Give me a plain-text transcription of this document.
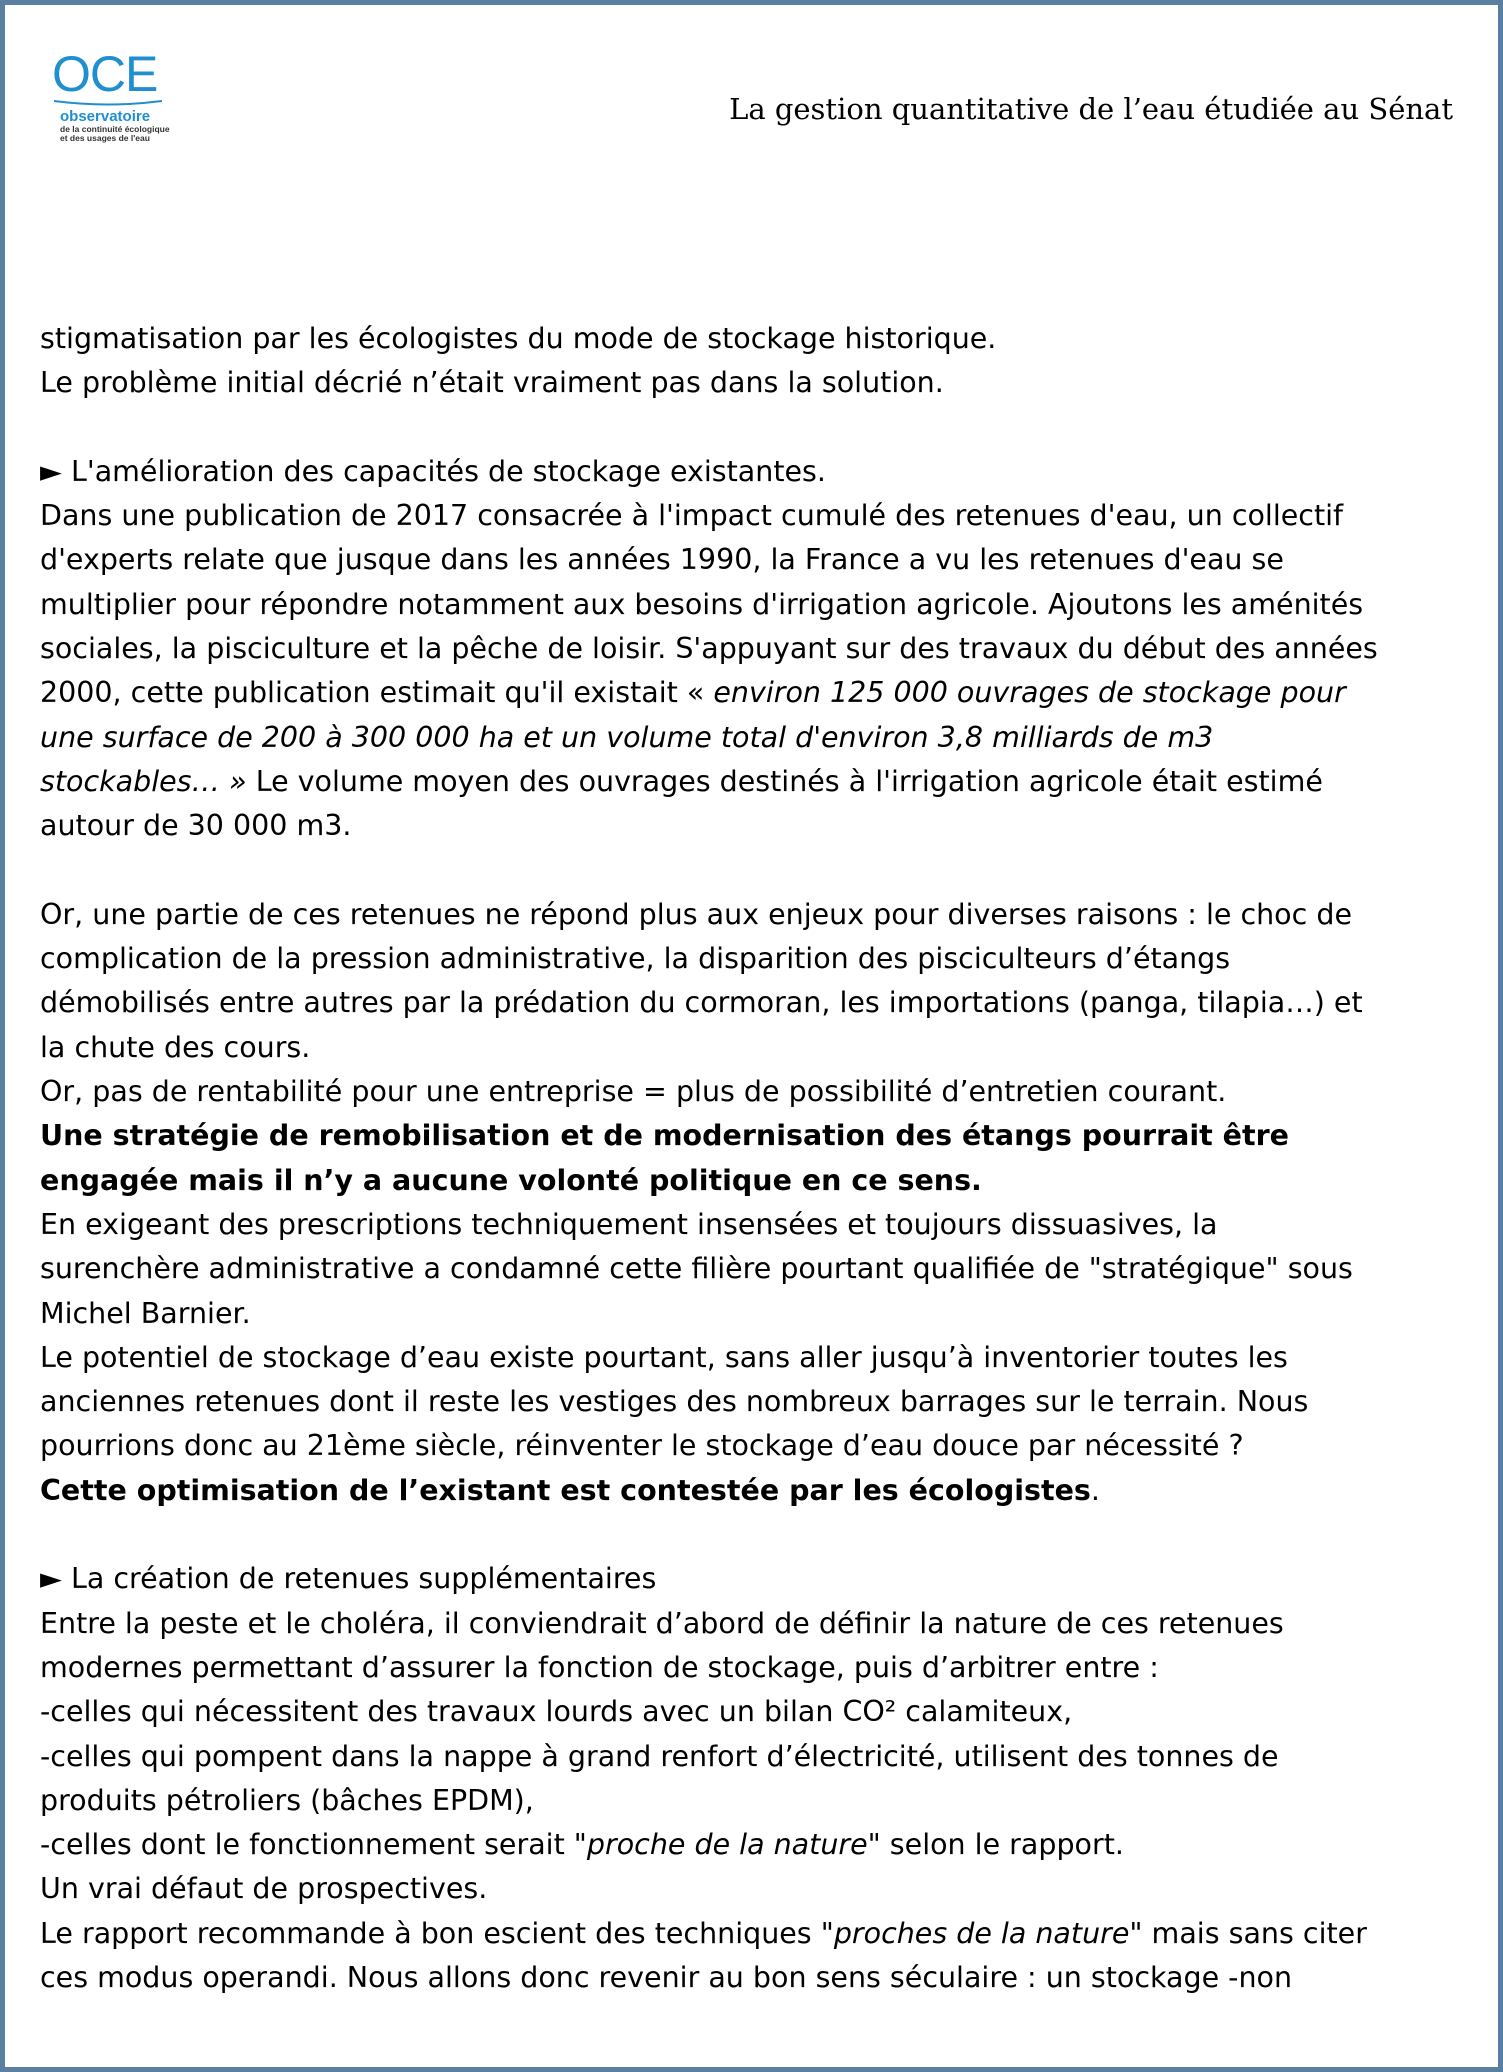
OCE
observatoire
de la continuité écologique
et des usages de l'eau
La gestion quantitative de l’eau étudiée au Sénat
stigmatisation par les écologistes du mode de stockage historique.
Le problème initial décrié n’était vraiment pas dans la solution.
► L'amélioration des capacités de stockage existantes.
Dans une publication de 2017 consacrée à l'impact cumulé des retenues d'eau, un collectif
d'experts relate que jusque dans les années 1990, la France a vu les retenues d'eau se
multiplier pour répondre notamment aux besoins d'irrigation agricole. Ajoutons les aménités
sociales, la pisciculture et la pêche de loisir. S'appuyant sur des travaux du début des années
2000, cette publication estimait qu'il existait « environ 125 000 ouvrages de stockage pour
une surface de 200 à 300 000 ha et un volume total d'environ 3,8 milliards de m3
stockables… » Le volume moyen des ouvrages destinés à l'irrigation agricole était estimé
autour de 30 000 m3.
Or, une partie de ces retenues ne répond plus aux enjeux pour diverses raisons : le choc de
complication de la pression administrative, la disparition des pisciculteurs d’étangs
démobilisés entre autres par la prédation du cormoran, les importations (panga, tilapia…) et
la chute des cours.
Or, pas de rentabilité pour une entreprise = plus de possibilité d’entretien courant.
Une stratégie de remobilisation et de modernisation des étangs pourrait être
engagée mais il n’y a aucune volonté politique en ce sens.
En exigeant des prescriptions techniquement insensées et toujours dissuasives, la
surenchère administrative a condamné cette filière pourtant qualifiée de "stratégique" sous
Michel Barnier.
Le potentiel de stockage d’eau existe pourtant, sans aller jusqu’à inventorier toutes les
anciennes retenues dont il reste les vestiges des nombreux barrages sur le terrain. Nous
pourrions donc au 21ème siècle, réinventer le stockage d’eau douce par nécessité ?
Cette optimisation de l’existant est contestée par les écologistes.
► La création de retenues supplémentaires
Entre la peste et le choléra, il conviendrait d’abord de définir la nature de ces retenues
modernes permettant d’assurer la fonction de stockage, puis d’arbitrer entre :
-celles qui nécessitent des travaux lourds avec un bilan CO² calamiteux,
-celles qui pompent dans la nappe à grand renfort d’électricité, utilisent des tonnes de
produits pétroliers (bâches EPDM),
-celles dont le fonctionnement serait "proche de la nature" selon le rapport.
Un vrai défaut de prospectives.
Le rapport recommande à bon escient des techniques "proches de la nature" mais sans citer
ces modus operandi. Nous allons donc revenir au bon sens séculaire : un stockage -non
